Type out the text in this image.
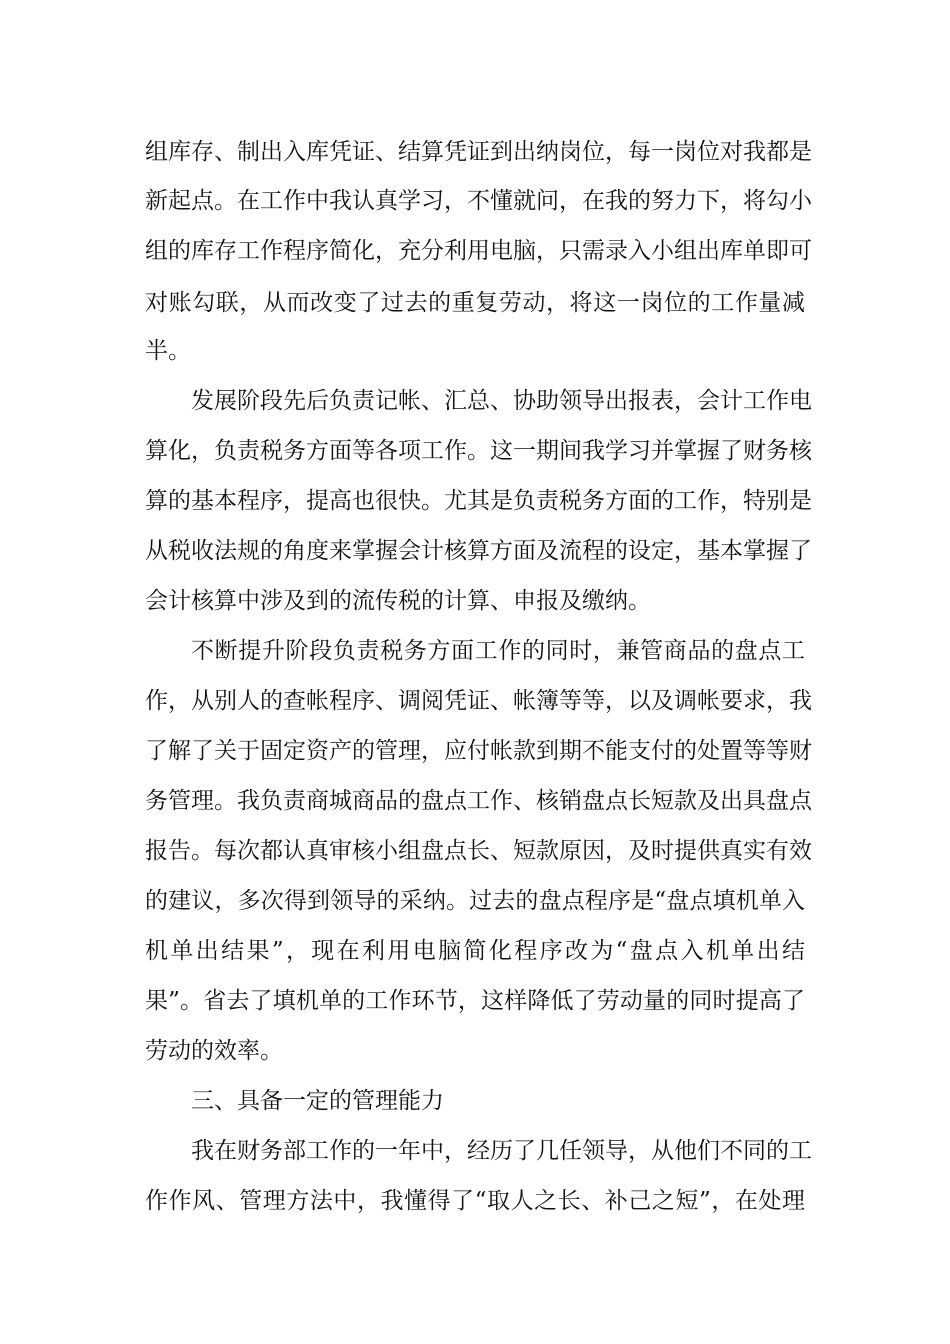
组库存、制出入库凭证、结算凭证到出纳岗位，每一岗位对我都是
新起点。在工作中我认真学习，不懂就问，在我的努力下，将勾小
组的库存工作程序简化，充分利用电脑，只需录入小组出库单即可
对账勾联，从而改变了过去的重复劳动，将这一岗位的工作量减
半。
发展阶段先后负责记帐、汇总、协助领导出报表，会计工作电
算化，负责税务方面等各项工作。这一期间我学习并掌握了财务核
算的基本程序，提高也很快。尤其是负责税务方面的工作，特别是
从税收法规的角度来掌握会计核算方面及流程的设定，基本掌握了
会计核算中涉及到的流传税的计算、申报及缴纳。
不断提升阶段负责税务方面工作的同时，兼管商品的盘点工
作，从别人的查帐程序、调阅凭证、帐簿等等，以及调帐要求，我
了解了关于固定资产的管理，应付帐款到期不能支付的处置等等财
务管理。我负责商城商品的盘点工作、核销盘点长短款及出具盘点
报告。每次都认真审核小组盘点长、短款原因，及时提供真实有效
的建议，多次得到领导的采纳。过去的盘点程序是“盘点填机单入
机单出结果”，现在利用电脑简化程序改为“盘点入机单出结
果”。省去了填机单的工作环节，这样降低了劳动量的同时提高了
劳动的效率。
三、具备一定的管理能力
我在财务部工作的一年中，经历了几任领导，从他们不同的工
作作风、管理方法中，我懂得了“取人之长、补己之短”，在处理
